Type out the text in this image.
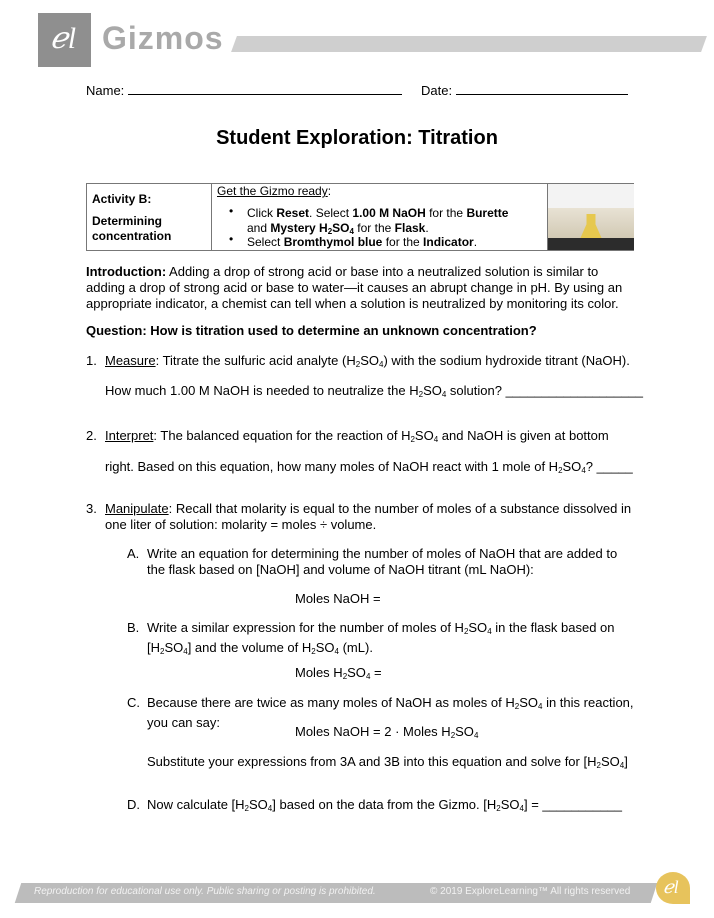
ℯl Gizmos
Name:	Date:
Student Exploration: Titration
Activity B:
Determining concentration
Get the Gizmo ready:
• Click Reset. Select 1.00 M NaOH for the Burette
and Mystery $H_2SO_4$ for the Flask.
• Select Bromthymol blue for the Indicator.

Introduction: Adding a drop of strong acid or base into a neutralized solution is similar to
adding a drop of strong acid or base to water—it causes an abrupt change in pH. By using an
appropriate indicator, a chemist can tell when a solution is neutralized by monitoring its color.

Question: How is titration used to determine an unknown concentration?

1. Measure: Titrate the sulfuric acid analyte $(H_2SO_4)$ with the sodium hydroxide titrant (NaOH).

How much 1.00 M NaOH is needed to neutralize the $H_2SO_4$ solution? ___________________

2. Interpret: The balanced equation for the reaction of $H_2SO_4$ and NaOH is given at bottom

right. Based on this equation, how many moles of NaOH react with 1 mole of $H_2SO_4$? _____

3. Manipulate: Recall that molarity is equal to the number of moles of a substance dissolved in
one liter of solution: molarity = moles ÷ volume.

A. Write an equation for determining the number of moles of NaOH that are added to
the flask based on [NaOH] and volume of NaOH titrant (mL NaOH):

Moles NaOH =

B. Write a similar expression for the number of moles of $H_2SO_4$ in the flask based on
$[H_2SO_4]$ and the volume of $H_2SO_4$ (mL).

Moles $H_2SO_4$ =

C. Because there are twice as many moles of NaOH as moles of $H_2SO_4$ in this reaction,
you can say:

Moles NaOH = 2 · Moles $H_2SO_4$

Substitute your expressions from 3A and 3B into this equation and solve for $[H_2SO_4]$

D. Now calculate $[H_2SO_4]$ based on the data from the Gizmo. $[H_2SO_4]$ = ___________

Reproduction for educational use only. Public sharing or posting is prohibited.	© 2019 ExploreLearning™ All rights reserved ℯl
